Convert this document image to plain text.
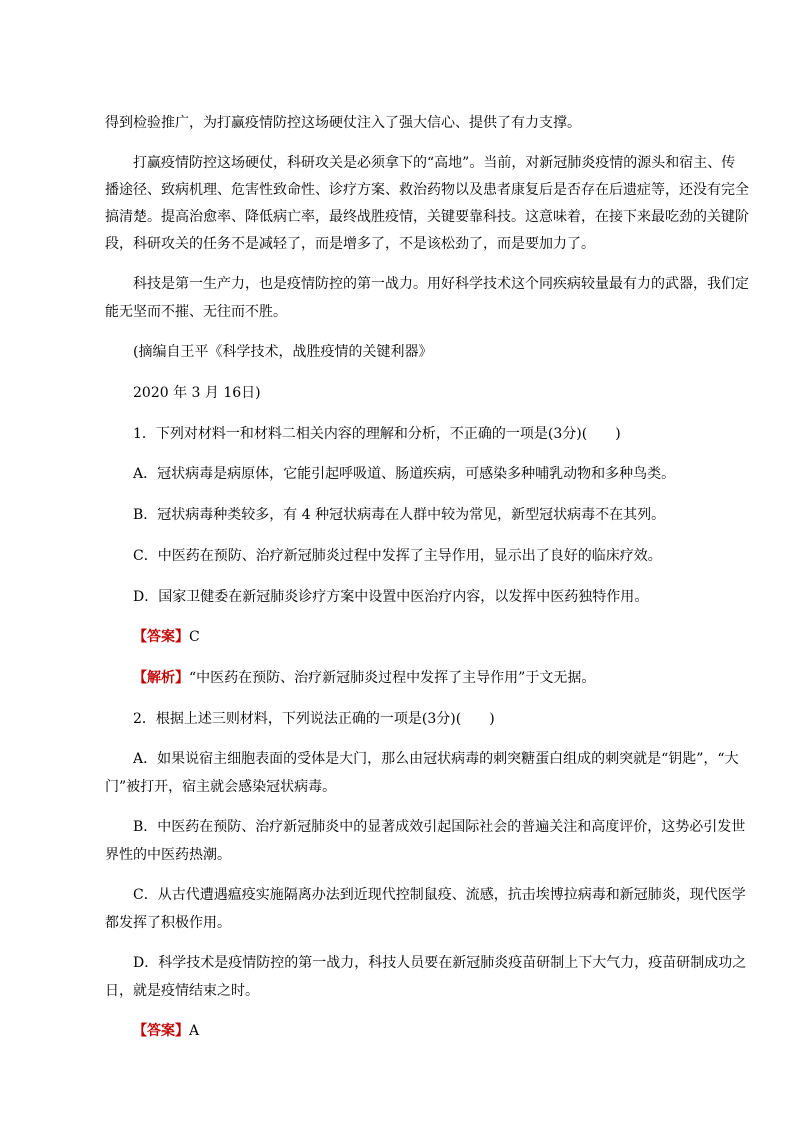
得到检验推广，为打赢疫情防控这场硬仗注入了强大信心、提供了有力支撑。
打赢疫情防控这场硬仗，科研攻关是必须拿下的“高地”。当前，对新冠肺炎疫情的源头和宿主、传
播途径、致病机理、危害性致命性、诊疗方案、救治药物以及患者康复后是否存在后遗症等，还没有完全
搞清楚。提高治愈率、降低病亡率，最终战胜疫情，关键要靠科技。这意味着，在接下来最吃劲的关键阶
段，科研攻关的任务不是减轻了，而是增多了，不是该松劲了，而是要加力了。
科技是第一生产力，也是疫情防控的第一战力。用好科学技术这个同疾病较量最有力的武器，我们定
能无坚而不摧、无往而不胜。
(摘编自王平《科学技术，战胜疫情的关键利器》
2020 年 3 月 16日)
1．下列对材料一和材料二相关内容的理解和分析，不正确的一项是(3分)(　　)
A．冠状病毒是病原体，它能引起呼吸道、肠道疾病，可感染多种哺乳动物和多种鸟类。
B．冠状病毒种类较多，有 4 种冠状病毒在人群中较为常见，新型冠状病毒不在其列。
C．中医药在预防、治疗新冠肺炎过程中发挥了主导作用，显示出了良好的临床疗效。
D．国家卫健委在新冠肺炎诊疗方案中设置中医治疗内容，以发挥中医药独特作用。
【答案】C
【解析】“中医药在预防、治疗新冠肺炎过程中发挥了主导作用”于文无据。
2．根据上述三则材料，下列说法正确的一项是(3分)(　　)
A．如果说宿主细胞表面的受体是大门，那么由冠状病毒的刺突糖蛋白组成的刺突就是“钥匙”，“大
门”被打开，宿主就会感染冠状病毒。
B．中医药在预防、治疗新冠肺炎中的显著成效引起国际社会的普遍关注和高度评价，这势必引发世
界性的中医药热潮。
C．从古代遭遇瘟疫实施隔离办法到近现代控制鼠疫、流感，抗击埃博拉病毒和新冠肺炎，现代医学
都发挥了积极作用。
D．科学技术是疫情防控的第一战力，科技人员要在新冠肺炎疫苗研制上下大气力，疫苗研制成功之
日，就是疫情结束之时。
【答案】A
